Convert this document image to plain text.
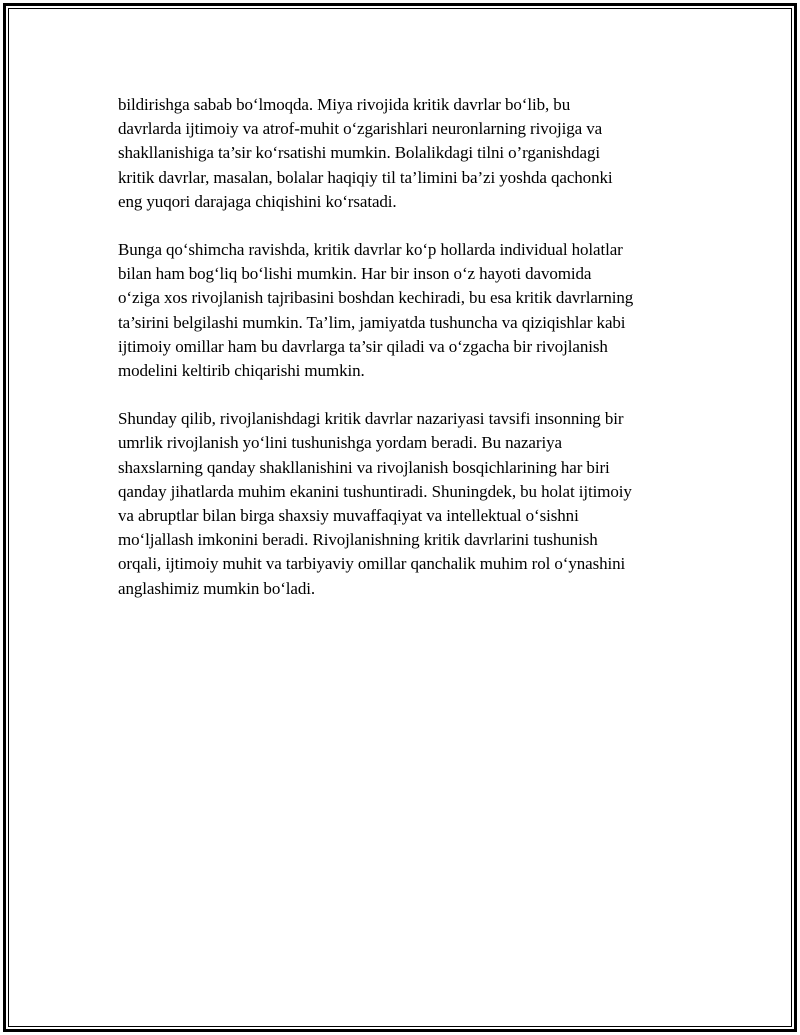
bildirishga sabab bo‘lmoqda. Miya rivojida kritik davrlar bo‘lib, bu
davrlarda ijtimoiy va atrof-muhit o‘zgarishlari neuronlarning rivojiga va
shakllanishiga ta’sir ko‘rsatishi mumkin. Bolalikdagi tilni o’rganishdagi
kritik davrlar, masalan, bolalar haqiqiy til ta’limini ba’zi yoshda qachonki
eng yuqori darajaga chiqishini ko‘rsatadi.

Bunga qo‘shimcha ravishda, kritik davrlar ko‘p hollarda individual holatlar
bilan ham bog‘liq bo‘lishi mumkin. Har bir inson o‘z hayoti davomida
o‘ziga xos rivojlanish tajribasini boshdan kechiradi, bu esa kritik davrlarning
ta’sirini belgilashi mumkin. Ta’lim, jamiyatda tushuncha va qiziqishlar kabi
ijtimoiy omillar ham bu davrlarga ta’sir qiladi va o‘zgacha bir rivojlanish
modelini keltirib chiqarishi mumkin.

Shunday qilib, rivojlanishdagi kritik davrlar nazariyasi tavsifi insonning bir
umrlik rivojlanish yo‘lini tushunishga yordam beradi. Bu nazariya
shaxslarning qanday shakllanishini va rivojlanish bosqichlarining har biri
qanday jihatlarda muhim ekanini tushuntiradi. Shuningdek, bu holat ijtimoiy
va abruptlar bilan birga shaxsiy muvaffaqiyat va intellektual o‘sishni
mo‘ljallash imkonini beradi. Rivojlanishning kritik davrlarini tushunish
orqali, ijtimoiy muhit va tarbiyaviy omillar qanchalik muhim rol o‘ynashini
anglashimiz mumkin bo‘ladi.
